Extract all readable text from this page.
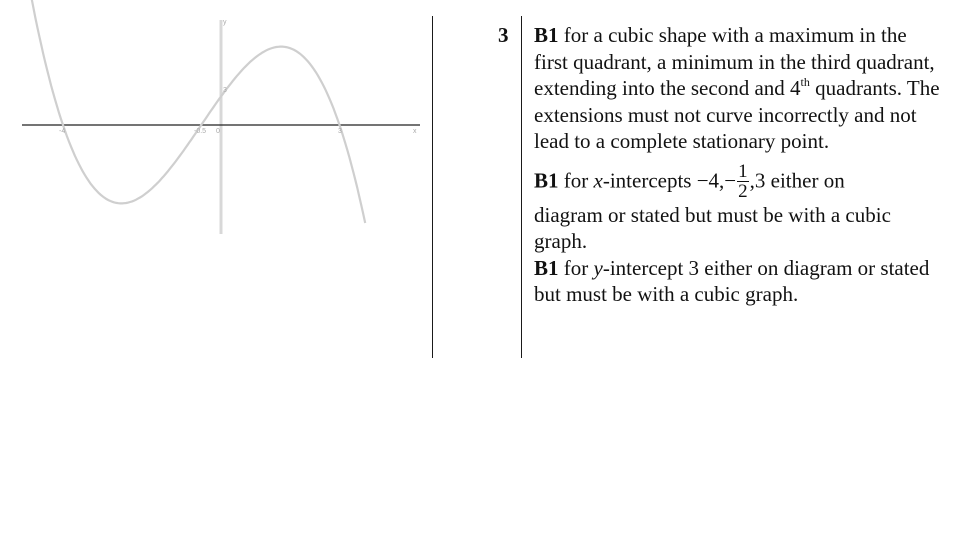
-4	-0.5 0	3	x
y
3
3 B1 for a cubic shape with a maximum in the first quadrant, a minimum in the third quadrant, extending into the second and 4th quadrants. The extensions must not curve incorrectly and not lead to a complete stationary point.

B1 for x-intercepts $-4,- \frac{1}{2} ,3$ either on
diagram or stated but must be with a cubic graph.

B1 for y-intercept 3 either on diagram or stated but must be with a cubic graph.
